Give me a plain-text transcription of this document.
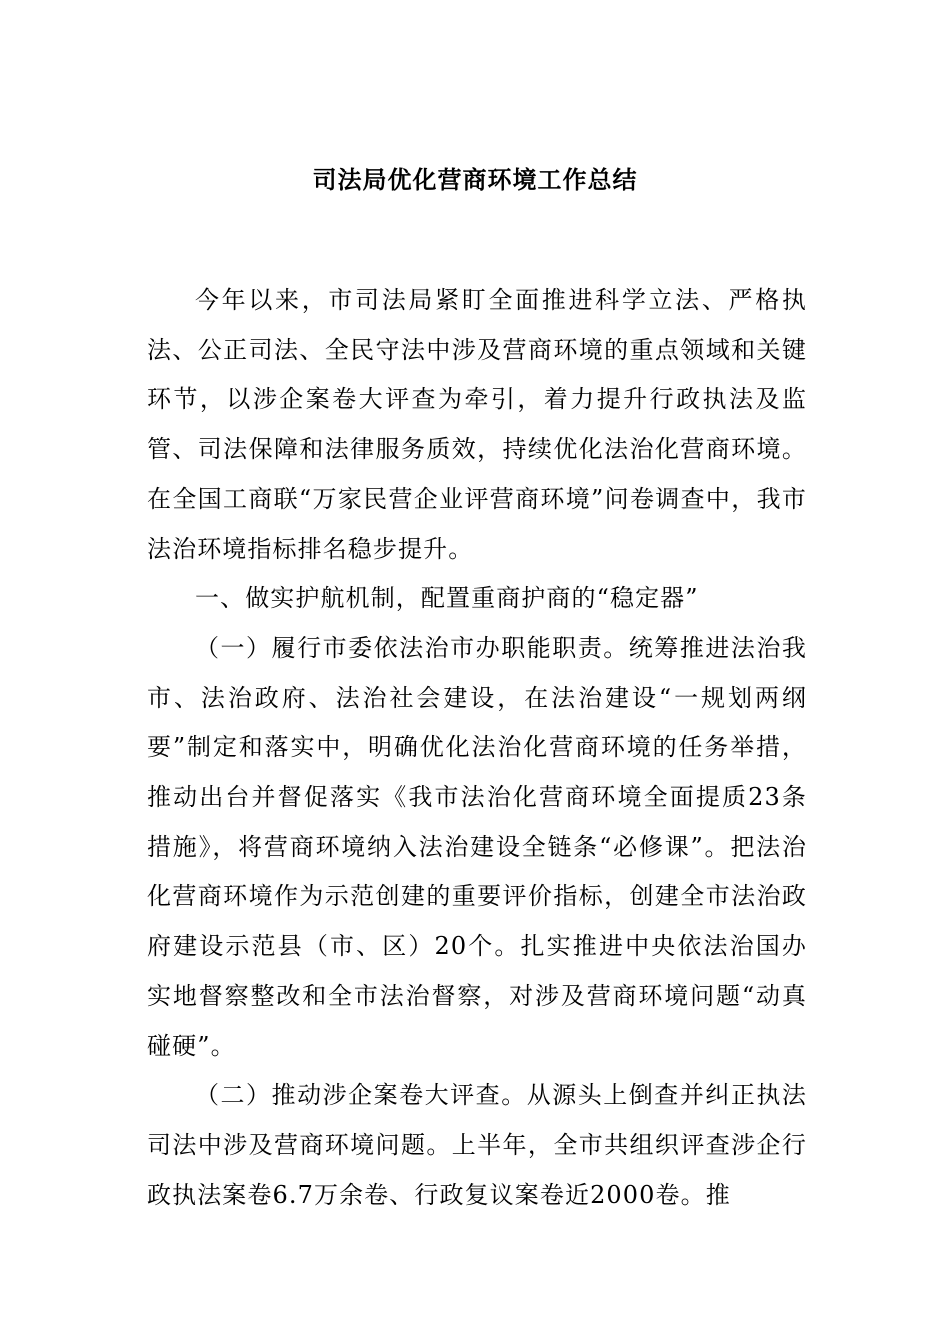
司法局优化营商环境工作总结

今年以来，市司法局紧盯全面推进科学立法、严格执法、公正司法、全民守法中涉及营商环境的重点领域和关键环节，以涉企案卷大评查为牵引，着力提升行政执法及监管、司法保障和法律服务质效，持续优化法治化营商环境。在全国工商联“万家民营企业评营商环境”问卷调查中，我市法治环境指标排名稳步提升。

一、做实护航机制，配置重商护商的“稳定器”

（一）履行市委依法治市办职能职责。统筹推进法治我市、法治政府、法治社会建设，在法治建设“一规划两纲要”制定和落实中，明确优化法治化营商环境的任务举措，推动出台并督促落实《我市法治化营商环境全面提质23条措施》，将营商环境纳入法治建设全链条“必修课”。把法治化营商环境作为示范创建的重要评价指标，创建全市法治政府建设示范县（市、区）20个。扎实推进中央依法治国办实地督察整改和全市法治督察，对涉及营商环境问题“动真碰硬”。

（二）推动涉企案卷大评查。从源头上倒查并纠正执法司法中涉及营商环境问题。上半年，全市共组织评查涉企行政执法案卷6.7万余卷、行政复议案卷近2000卷。推
